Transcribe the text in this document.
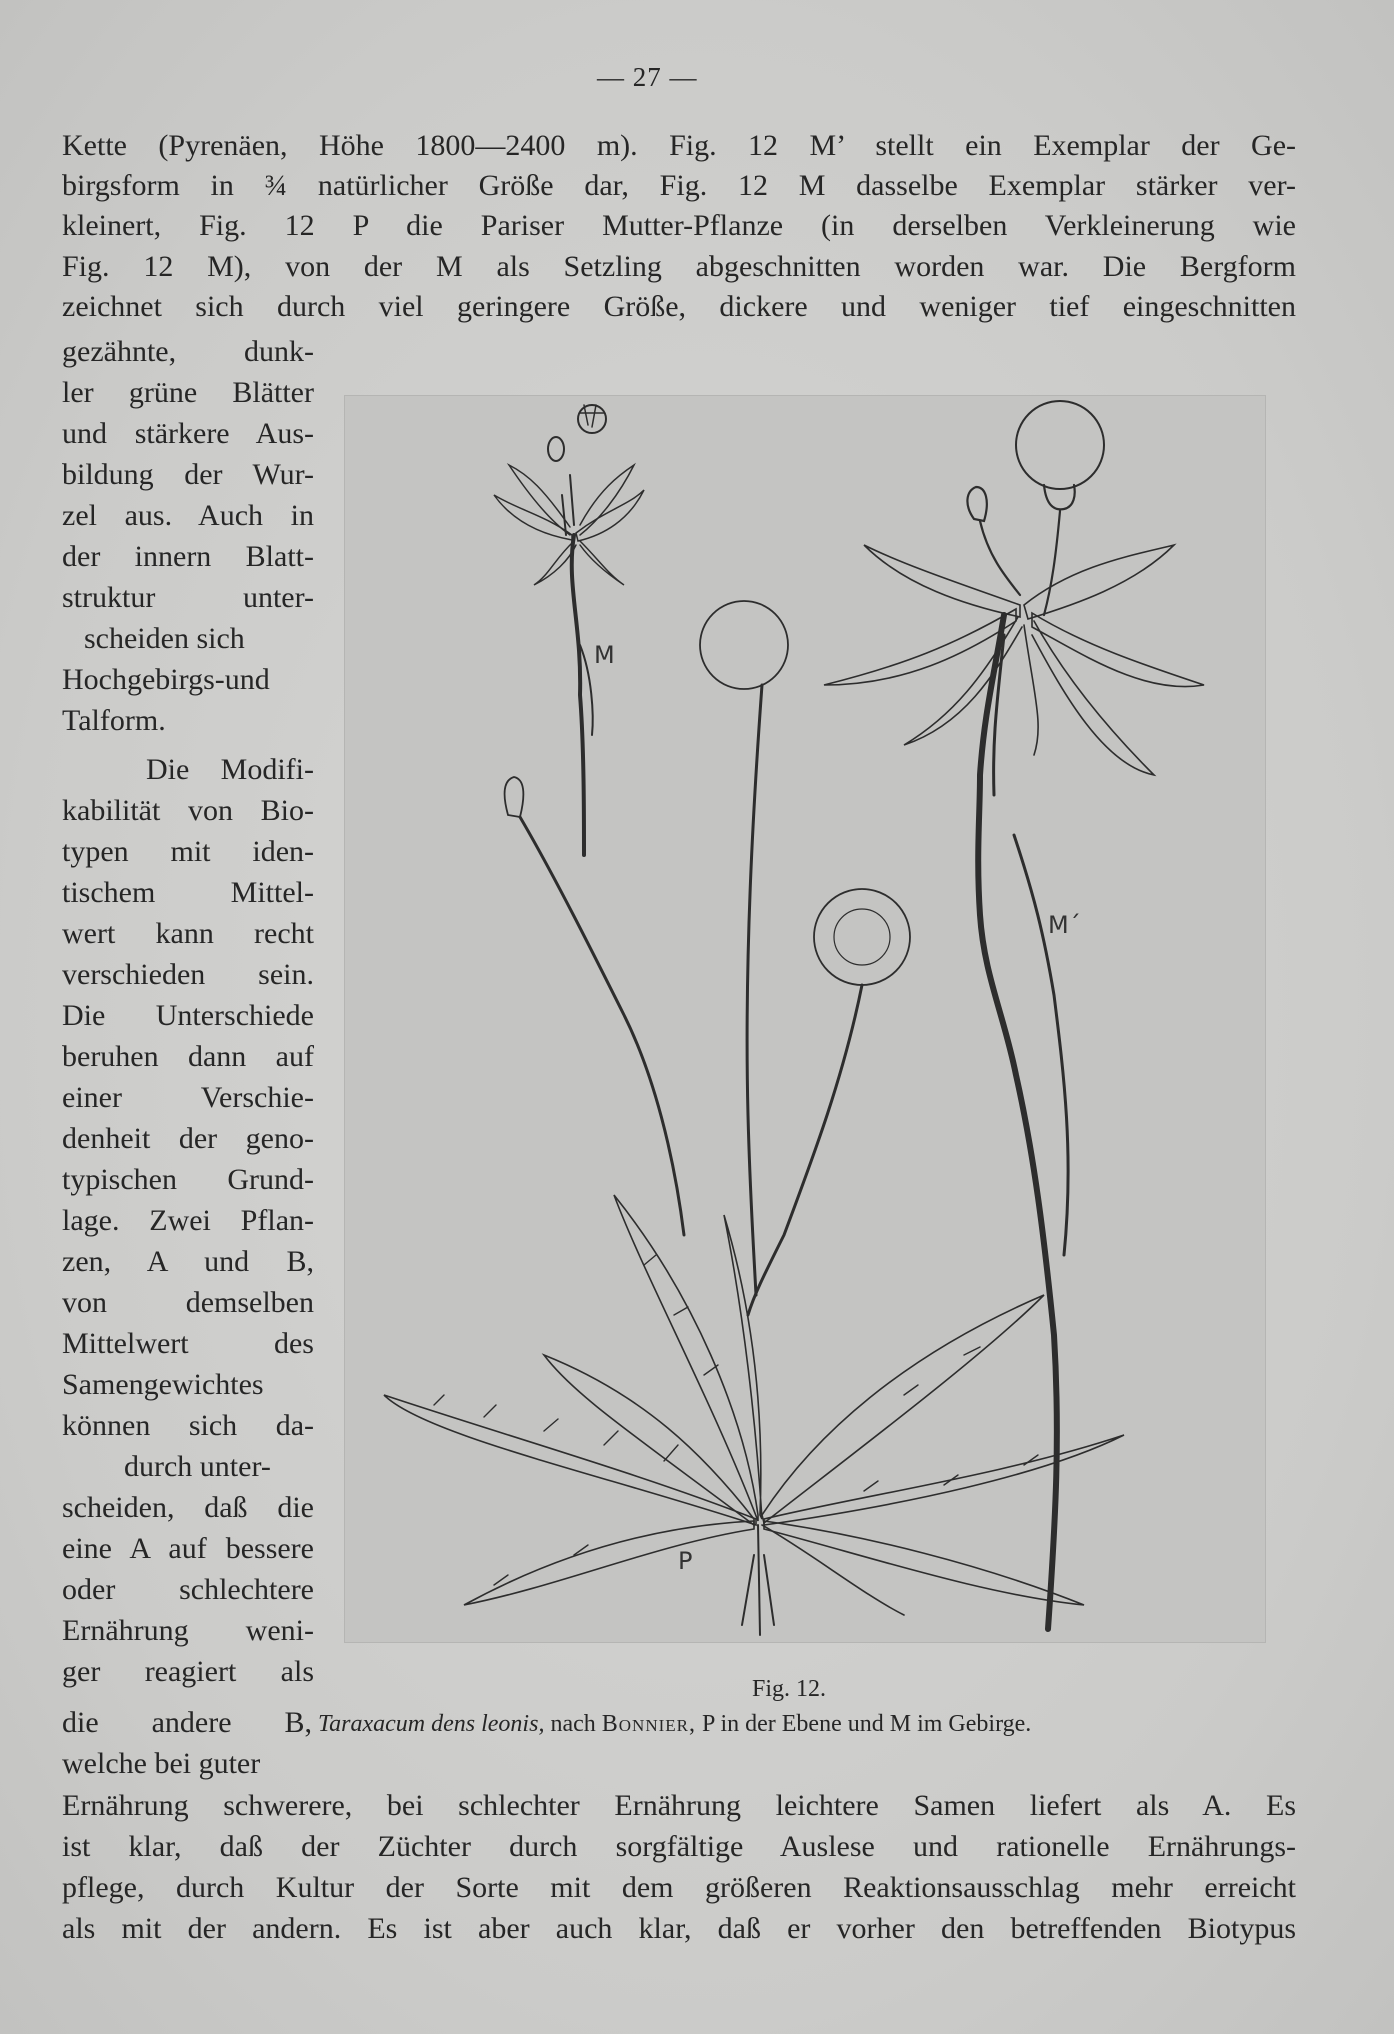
— 27 —
Kette (Pyrenäen, Höhe 1800—2400 m). Fig. 12 M’ stellt ein Exemplar der Ge-
birgsform in ¾ natürlicher Größe dar, Fig. 12 M dasselbe Exemplar stärker ver-
kleinert, Fig. 12 P die Pariser Mutter-Pflanze (in derselben Verkleinerung wie
Fig. 12 M), von der M als Setzling abgeschnitten worden war. Die Bergform
zeichnet sich durch viel geringere Größe, dickere und weniger tief eingeschnitten
gezähnte, dunk-
ler grüne Blätter
und stärkere Aus-
bildung der Wur-
zel aus. Auch in
der innern Blatt-
struktur unter-
scheiden sich
Hochgebirgs-und
Talform.
Die Modifi-
kabilität von Bio-
typen mit iden-
tischem Mittel-
wert kann recht
verschieden sein.
Die Unterschiede
beruhen dann auf
einer Verschie-
denheit der geno-
typischen Grund-
lage. Zwei Pflan-
zen, A und B,
von demselben
Mittelwert des
Samengewichtes
können sich da-
durch unter-
scheiden, daß die
eine A auf bessere
oder schlechtere
Ernährung weni-
ger reagiert als
die andere B,
welche bei guter
M
M´
P
Fig. 12.
Taraxacum dens leonis, nach Bonnier, P in der Ebene und M im Gebirge.
Ernährung schwerere, bei schlechter Ernährung leichtere Samen liefert als A. Es
ist klar, daß der Züchter durch sorgfältige Auslese und rationelle Ernährungs-
pflege, durch Kultur der Sorte mit dem größeren Reaktionsausschlag mehr erreicht
als mit der andern. Es ist aber auch klar, daß er vorher den betreffenden Biotypus
